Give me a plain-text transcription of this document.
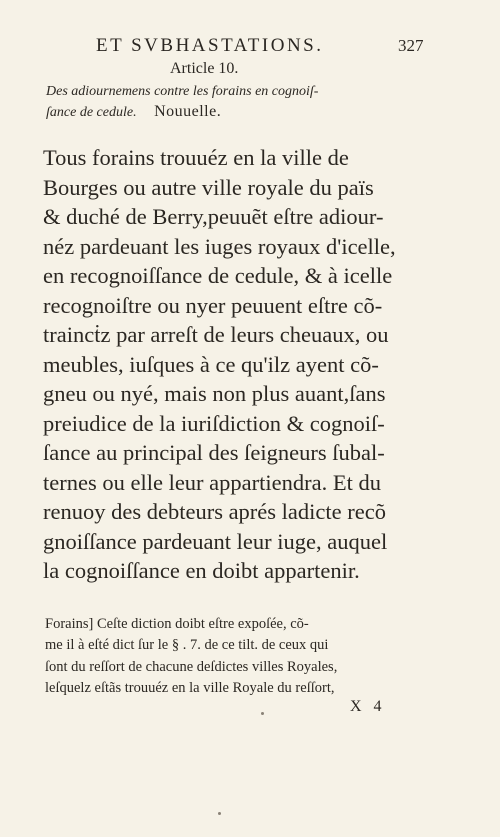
ET SVBHASTATIONS.	327
Article 10.
Des adiournemens contre les forains en cognoiſ-
ſance de cedule. Nouuelle.
Tous forains trouuéz en la ville de
Bourges ou autre ville royale du païs
& duché de Berry,peuuẽt eſtre adiour-
néz pardeuant les iuges royaux d'icelle,
en recognoiſſance de cedule, & à icelle
recognoiſtre ou nyer peuuent eſtre cõ-
traincṫz par arreſt de leurs cheuaux, ou
meubles, iuſques à ce qu'ilz ayent cõ-
gneu ou nyé, mais non plus auant,ſans
preiudice de la iuriſdiction & cognoiſ-
ſance au principal des ſeigneurs ſubal-
ternes ou elle leur appartiendra. Et du
renuoy des debteurs aprés ladicte recõ
gnoiſſance pardeuant leur iuge, auquel
la cognoiſſance en doibt appartenir.
Forains] Ceſte diction doibt eſtre expoſée, cõ-
me il à eſté dict ſur le § . 7. de ce tilt. de ceux qui
ſont du reſſort de chacune deſdictes villes Royales,
leſquelz eſtãs trouuéz en la ville Royale du reſſort,
X 4
